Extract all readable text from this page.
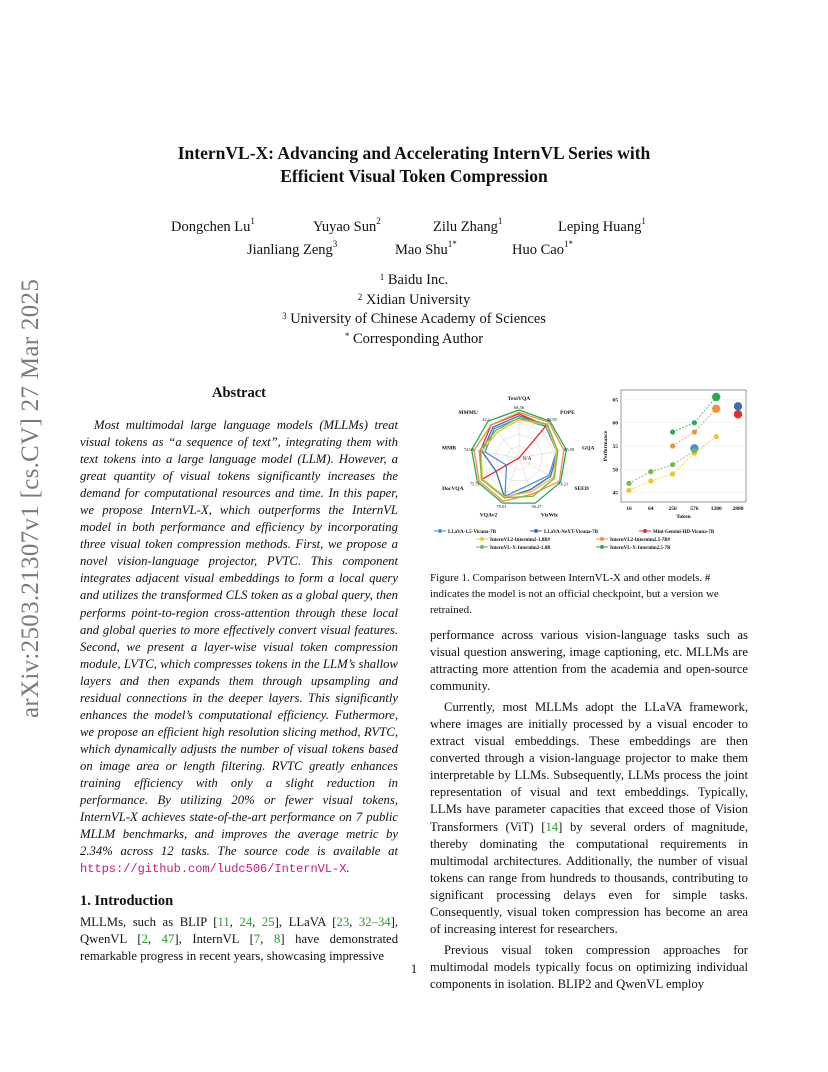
arXiv:2503.21307v1 [cs.CV] 27 Mar 2025
InternVL-X: Advancing and Accelerating InternVL Series with
Efficient Visual Token Compression
Dongchen Lu$^1$	Yuyao Sun$^2$	Zilu Zhang$^1$	Leping Huang$^1$
Jianliang Zeng$^3$	Mao Shu$^{1*}$	Huo Cao$^{1*}$
$^1$ Baidu Inc.
$^2$ Xidian University
$^3$ University of Chinese Academy of Sciences
* Corresponding Author
Abstract

Most multimodal large language models (MLLMs) treat visual tokens as “a sequence of text”, integrating them with text tokens into a large language model (LLM). However, a great quantity of visual tokens significantly increases the demand for computational resources and time. In this paper, we propose InternVL-X, which outperforms the InternVL model in both performance and efficiency by incorporating three visual token compression methods. First, we propose a novel vision-language projector, PVTC. This component integrates adjacent visual embeddings to form a local query and utilizes the transformed CLS token as a global query, then performs point-to-region cross-attention through these local and global queries to more effectively convert visual features. Second, we present a layer-wise visual token compression module, LVTC, which compresses tokens in the LLM’s shallow layers and then expands them through upsampling and residual connections in the deeper layers. This significantly enhances the model’s computational efficiency. Futhermore, we propose an efficient high resolution slicing method, RVTC, which dynamically adjusts the number of visual tokens based on image area or length filtering. RVTC greatly enhances training efficiency with only a slight reduction in performance. By utilizing 20% or fewer visual tokens, InternVL-X achieves state-of-the-art performance on 7 public MLLM benchmarks, and improves the average metric by 2.34% across 12 tasks. The source code is available at https://github.com/ludc506/InternVL-X.

1. Introduction
MLLMs, such as BLIP [11, 24, 25], LLaVA [23, 32–34], QwenVL [2, 47], InternVL [7, 8] have demonstrated remarkable progress in recent years, showcasing impressive
TextVQA
68.56
POPE
86.95
GQA
65.50
SEED
74.21
VizWiz
56.27
VQAv2
79.61
DocVQA
75.51
MMB 74.66
MMMU
42.1
N/A
45
50
55
60
65
16	64	256 576 1280 2880
Token
Performance
LLaVA-1.5-Vicuna-7B	LLaVA-NeXT-Vicuna-7B	Mini-Gemini-HD-Vicuna-7B
InternVL2-Internlm2-1.8B#	InternVL2-Internlm2.5-7B#
InternVL-X-Internlm2-1.8B	InternVL-X-Internlm2.5-7B
Figure 1. Comparison between InternVL-X and other models. # indicates the model is not an official checkpoint, but a version we retrained.

performance across various vision-language tasks such as visual question answering, image captioning, etc. MLLMs are attracting more attention from the academia and open-source community.

Currently, most MLLMs adopt the LLaVA framework, where images are initially processed by a visual encoder to extract visual embeddings. These embeddings are then converted through a vision-language projector to make them interpretable by LLMs. Subsequently, LLMs process the joint representation of visual and text embeddings. Typically, LLMs have parameter capacities that exceed those of Vision Transformers (ViT) [14] by several orders of magnitude, thereby dominating the computational requirements in multimodal architectures. Additionally, the number of visual tokens can range from hundreds to thousands, contributing to significant processing delays even for simple tasks. Consequently, visual token compression has become an area of increasing interest for researchers.

Previous visual token compression approaches for multimodal models typically focus on optimizing individual components in isolation. BLIP2 and QwenVL employ

1
